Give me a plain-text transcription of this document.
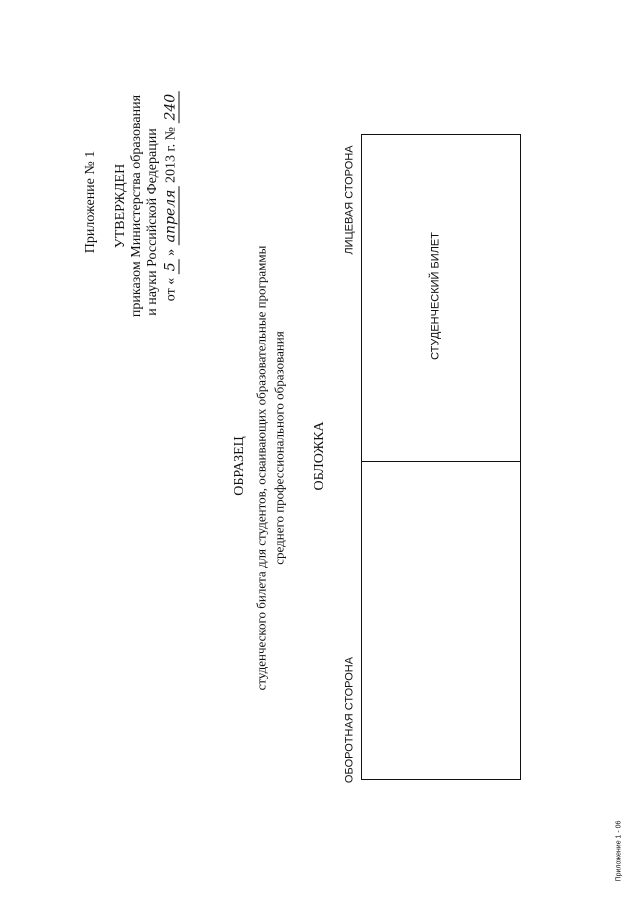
Приложение № 1 УТВЕРЖДЕН приказом Министерства образования и науки Российской Федерации от « 5 » апреля 2013 г. № 240
ОБРАЗЕЦ студенческого билета для студентов, осваивающих образовательные программы среднего профессионального образования ОБЛОЖКА
ЛИЦЕВАЯ СТОРОНА
ОБОРОТНАЯ СТОРОНА
СТУДЕНЧЕСКИЙ БИЛЕТ
Приложение 1 - 06
